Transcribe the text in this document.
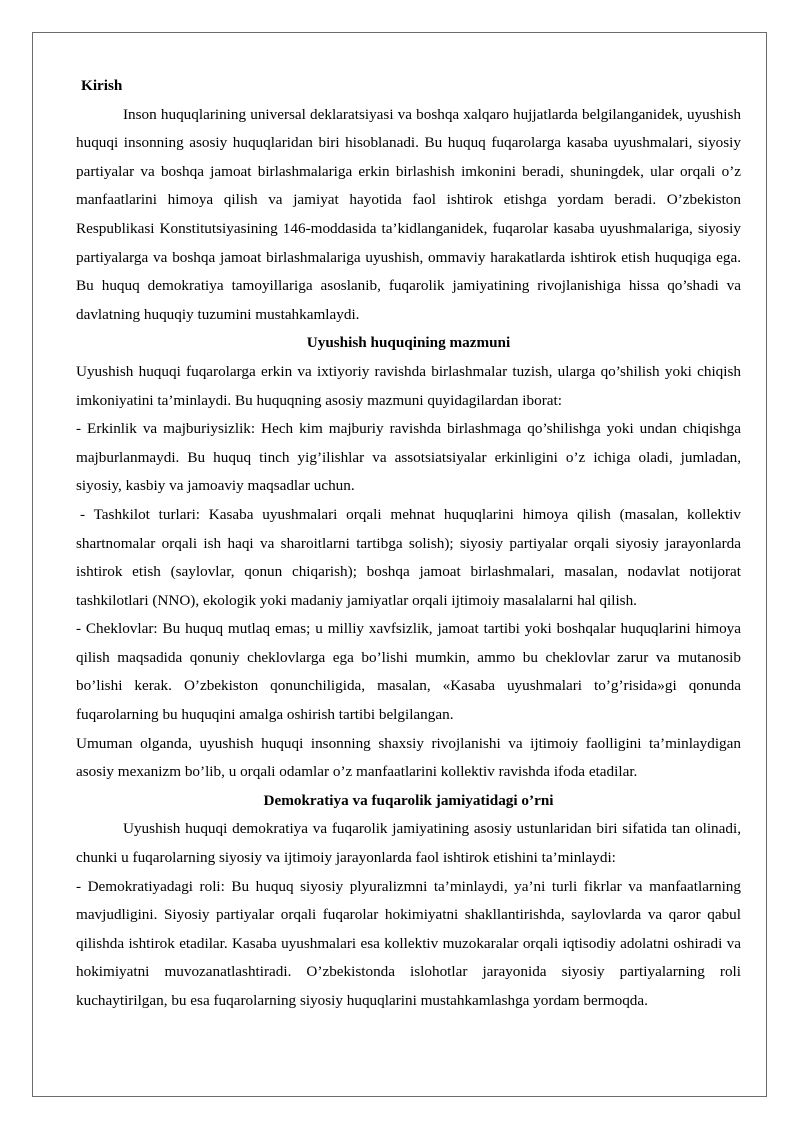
Kirish

Inson huquqlarining universal deklaratsiyasi va boshqa xalqaro hujjatlarda belgilanganidek, uyushish huquqi insonning asosiy huquqlaridan biri hisoblanadi. Bu huquq fuqarolarga kasaba uyushmalari, siyosiy partiyalar va boshqa jamoat birlashmalariga erkin birlashish imkonini beradi, shuningdek, ular orqali o’z manfaatlarini himoya qilish va jamiyat hayotida faol ishtirok etishga yordam beradi. O’zbekiston Respublikasi Konstitutsiyasining 146-moddasida ta’kidlanganidek, fuqarolar kasaba uyushmalariga, siyosiy partiyalarga va boshqa jamoat birlashmalariga uyushish, ommaviy harakatlarda ishtirok etish huquqiga ega. Bu huquq demokratiya tamoyillariga asoslanib, fuqarolik jamiyatining rivojlanishiga hissa qo’shadi va davlatning huquqiy tuzumini mustahkamlaydi.

Uyushish huquqining mazmuni

Uyushish huquqi fuqarolarga erkin va ixtiyoriy ravishda birlashmalar tuzish, ularga qo’shilish yoki chiqish imkoniyatini ta’minlaydi. Bu huquqning asosiy mazmuni quyidagilardan iborat:

- Erkinlik va majburiysizlik: Hech kim majburiy ravishda birlashmaga qo’shilishga yoki undan chiqishga majburlanmaydi. Bu huquq tinch yig’ilishlar va assotsiatsiyalar erkinligini o’z ichiga oladi, jumladan, siyosiy, kasbiy va jamoaviy maqsadlar uchun.

- Tashkilot turlari: Kasaba uyushmalari orqali mehnat huquqlarini himoya qilish (masalan, kollektiv shartnomalar orqali ish haqi va sharoitlarni tartibga solish); siyosiy partiyalar orqali siyosiy jarayonlarda ishtirok etish (saylovlar, qonun chiqarish); boshqa jamoat birlashmalari, masalan, nodavlat notijorat tashkilotlari (NNO), ekologik yoki madaniy jamiyatlar orqali ijtimoiy masalalarni hal qilish.

- Cheklovlar: Bu huquq mutlaq emas; u milliy xavfsizlik, jamoat tartibi yoki boshqalar huquqlarini himoya qilish maqsadida qonuniy cheklovlarga ega bo’lishi mumkin, ammo bu cheklovlar zarur va mutanosib bo’lishi kerak. O’zbekiston qonunchiligida, masalan, «Kasaba uyushmalari to’g’risida»gi qonunda fuqarolarning bu huquqini amalga oshirish tartibi belgilangan.

Umuman olganda, uyushish huquqi insonning shaxsiy rivojlanishi va ijtimoiy faolligini ta’minlaydigan asosiy mexanizm bo’lib, u orqali odamlar o’z manfaatlarini kollektiv ravishda ifoda etadilar.

Demokratiya va fuqarolik jamiyatidagi o’rni

Uyushish huquqi demokratiya va fuqarolik jamiyatining asosiy ustunlaridan biri sifatida tan olinadi, chunki u fuqarolarning siyosiy va ijtimoiy jarayonlarda faol ishtirok etishini ta’minlaydi:

- Demokratiyadagi roli: Bu huquq siyosiy plyuralizmni ta’minlaydi, ya’ni turli fikrlar va manfaatlarning mavjudligini. Siyosiy partiyalar orqali fuqarolar hokimiyatni shakllantirishda, saylovlarda va qaror qabul qilishda ishtirok etadilar. Kasaba uyushmalari esa kollektiv muzokaralar orqali iqtisodiy adolatni oshiradi va hokimiyatni muvozanatlashtiradi. O’zbekistonda islohotlar jarayonida siyosiy partiyalarning roli kuchaytirilgan, bu esa fuqarolarning siyosiy huquqlarini mustahkamlashga yordam bermoqda.
